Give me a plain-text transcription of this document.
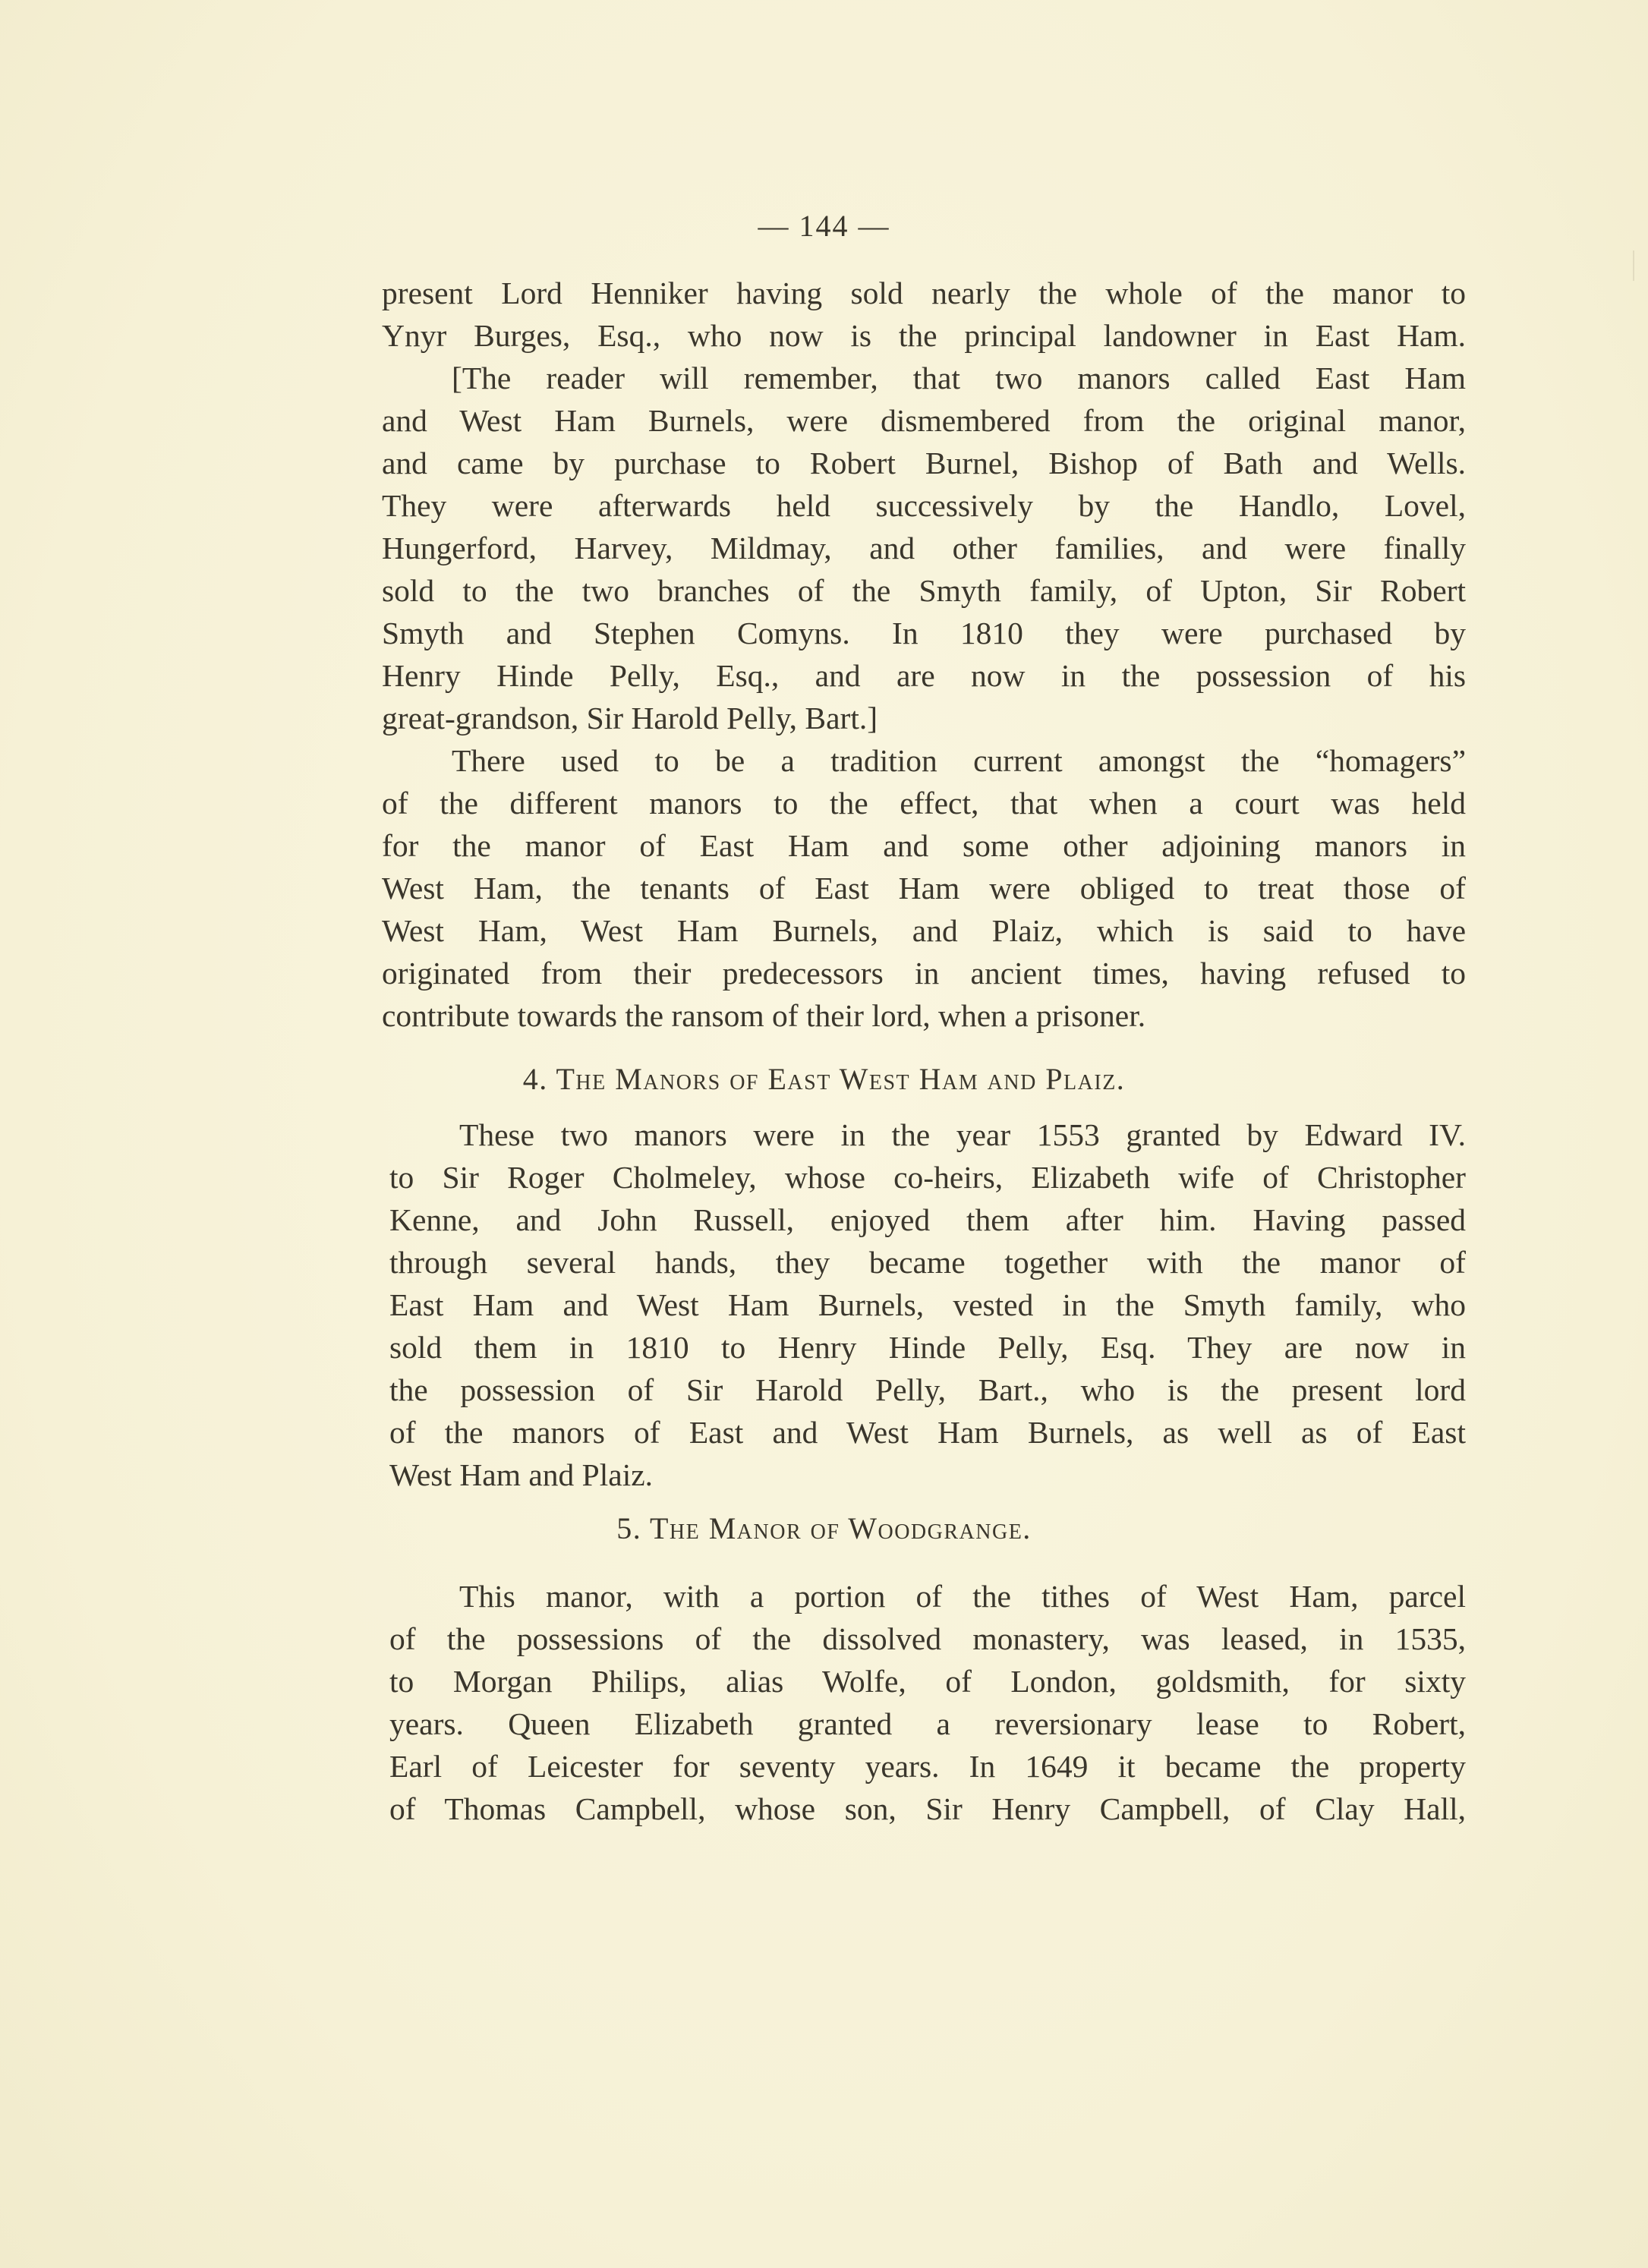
— 144 —
present Lord Henniker having sold nearly the whole of the manor to
Ynyr Burges, Esq., who now is the principal landowner in East Ham.
[The reader will remember, that two manors called East Ham
and West Ham Burnels, were dismembered from the original manor,
and came by purchase to Robert Burnel, Bishop of Bath and Wells.
They were afterwards held successively by the Handlo, Lovel,
Hungerford, Harvey, Mildmay, and other families, and were finally
sold to the two branches of the Smyth family, of Upton, Sir Robert
Smyth and Stephen Comyns. In 1810 they were purchased by
Henry Hinde Pelly, Esq., and are now in the possession of his
great-grandson, Sir Harold Pelly, Bart.]
There used to be a tradition current amongst the “homagers”
of the different manors to the effect, that when a court was held
for the manor of East Ham and some other adjoining manors in
West Ham, the tenants of East Ham were obliged to treat those of
West Ham, West Ham Burnels, and Plaiz, which is said to have
originated from their predecessors in ancient times, having refused to
contribute towards the ransom of their lord, when a prisoner.
4. The Manors of East West Ham and Plaiz.
These two manors were in the year 1553 granted by Edward IV.
to Sir Roger Cholmeley, whose co-heirs, Elizabeth wife of Christopher
Kenne, and John Russell, enjoyed them after him. Having passed
through several hands, they became together with the manor of
East Ham and West Ham Burnels, vested in the Smyth family, who
sold them in 1810 to Henry Hinde Pelly, Esq. They are now in
the possession of Sir Harold Pelly, Bart., who is the present lord
of the manors of East and West Ham Burnels, as well as of East
West Ham and Plaiz.
5. The Manor of Woodgrange.
This manor, with a portion of the tithes of West Ham, parcel
of the possessions of the dissolved monastery, was leased, in 1535,
to Morgan Philips, alias Wolfe, of London, goldsmith, for sixty
years. Queen Elizabeth granted a reversionary lease to Robert,
Earl of Leicester for seventy years. In 1649 it became the property
of Thomas Campbell, whose son, Sir Henry Campbell, of Clay Hall,
